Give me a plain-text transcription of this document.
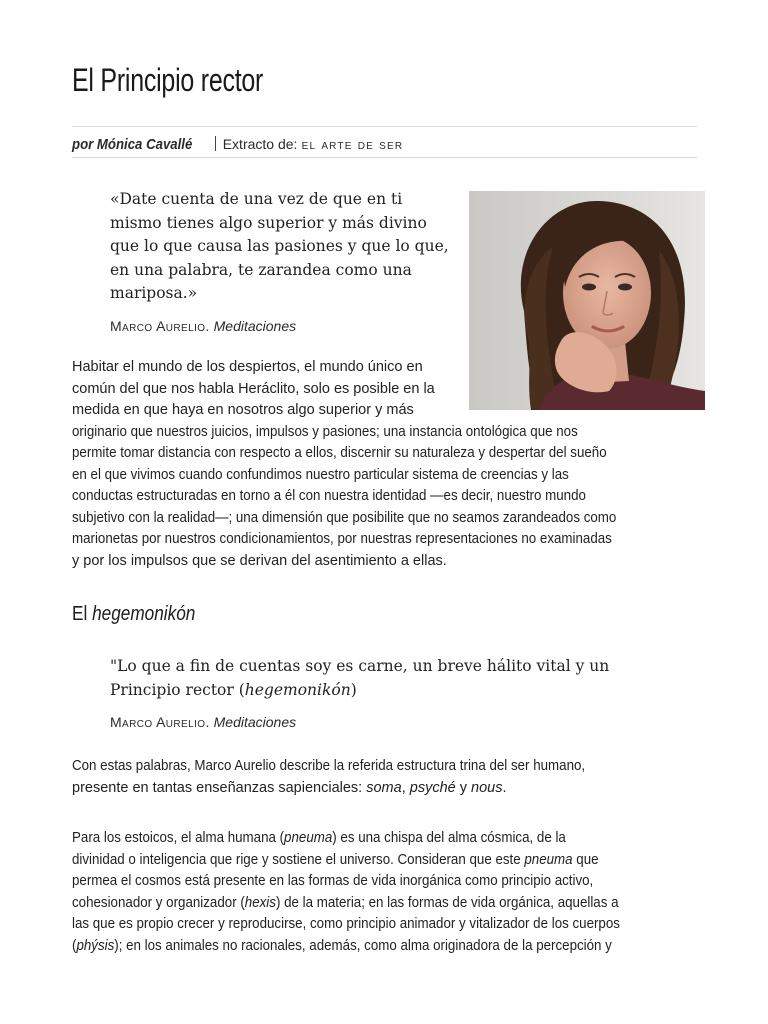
El Principio rector
por Mónica Cavallé Extracto de: el arte de ser

«Date cuenta de una vez de que en ti
mismo tienes algo superior y más divino
que lo que causa las pasiones y que lo que,
en una palabra, te zarandea como una
mariposa.»

Marco Aurelio. Meditaciones

Habitar el mundo de los despiertos, el mundo único en
común del que nos habla Heráclito, solo es posible en la
medida en que haya en nosotros algo superior y más
originario que nuestros juicios, impulsos y pasiones; una instancia ontológica que nos
permite tomar distancia con respecto a ellos, discernir su naturaleza y despertar del sueño
en el que vivimos cuando confundimos nuestro particular sistema de creencias y las
conductas estructuradas en torno a él con nuestra identidad —es decir, nuestro mundo
subjetivo con la realidad—; una dimensión que posibilite que no seamos zarandeados como
marionetas por nuestros condicionamientos, por nuestras representaciones no examinadas
y por los impulsos que se derivan del asentimiento a ellas.

El hegemonikón

"Lo que a fin de cuentas soy es carne, un breve hálito vital y un
Principio rector (hegemonikón)

Marco Aurelio. Meditaciones

Con estas palabras, Marco Aurelio describe la referida estructura trina del ser humano,
presente en tantas enseñanzas sapienciales: soma, psyché y nous.

Para los estoicos, el alma humana (pneuma) es una chispa del alma cósmica, de la
divinidad o inteligencia que rige y sostiene el universo. Consideran que este pneuma que
permea el cosmos está presente en las formas de vida inorgánica como principio activo,
cohesionador y organizador (hexis) de la materia; en las formas de vida orgánica, aquellas a
las que es propio crecer y reproducirse, como principio animador y vitalizador de los cuerpos
(phýsis); en los animales no racionales, además, como alma originadora de la percepción y
